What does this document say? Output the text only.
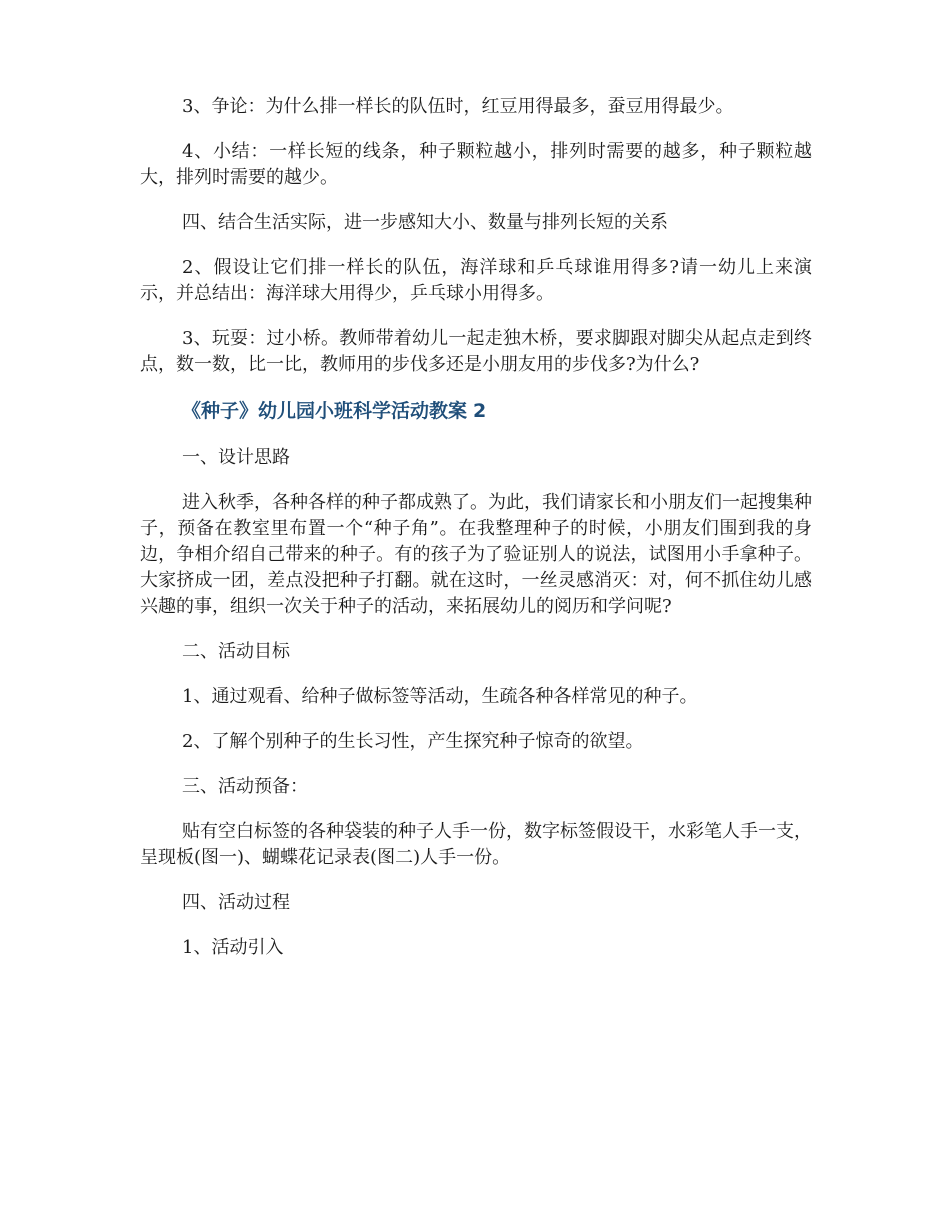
3、争论：为什么排一样长的队伍时，红豆用得最多，蚕豆用得最少。

4、小结：一样长短的线条，种子颗粒越小，排列时需要的越多，种子颗粒越大，排列时需要的越少。

四、结合生活实际，进一步感知大小、数量与排列长短的关系

2、假设让它们排一样长的队伍，海洋球和乒乓球谁用得多?请一幼儿上来演示，并总结出：海洋球大用得少，乒乓球小用得多。

3、玩耍：过小桥。教师带着幼儿一起走独木桥，要求脚跟对脚尖从起点走到终点，数一数，比一比，教师用的步伐多还是小朋友用的步伐多?为什么?

《种子》幼儿园小班科学活动教案 2

一、设计思路

进入秋季，各种各样的种子都成熟了。为此，我们请家长和小朋友们一起搜集种子，预备在教室里布置一个“种子角”。在我整理种子的时候，小朋友们围到我的身边，争相介绍自己带来的种子。有的孩子为了验证别人的说法，试图用小手拿种子。大家挤成一团，差点没把种子打翻。就在这时，一丝灵感消灭：对，何不抓住幼儿感兴趣的事，组织一次关于种子的活动，来拓展幼儿的阅历和学问呢?

二、活动目标

1、通过观看、给种子做标签等活动，生疏各种各样常见的种子。

2、了解个别种子的生长习性，产生探究种子惊奇的欲望。

三、活动预备：

贴有空白标签的各种袋装的种子人手一份，数字标签假设干，水彩笔人手一支，呈现板(图一)、蝴蝶花记录表(图二)人手一份。

四、活动过程

1、活动引入
